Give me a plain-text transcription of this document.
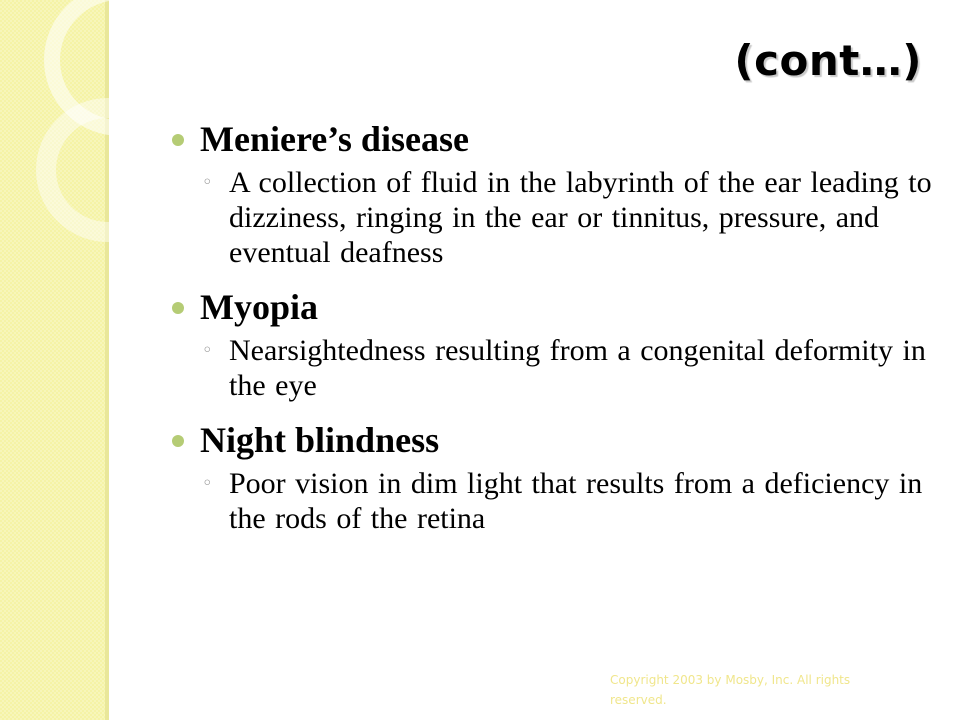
(cont…)
Meniere’s disease
◦ A collection of fluid in the labyrinth of the ear leading to dizziness, ringing in the ear or tinnitus, pressure, and eventual deafness
Myopia
◦ Nearsightedness resulting from a congenital deformity in the eye
Night blindness
◦ Poor vision in dim light that results from a deficiency in the rods of the retina
Copyright 2003 by Mosby, Inc. All rights reserved.
